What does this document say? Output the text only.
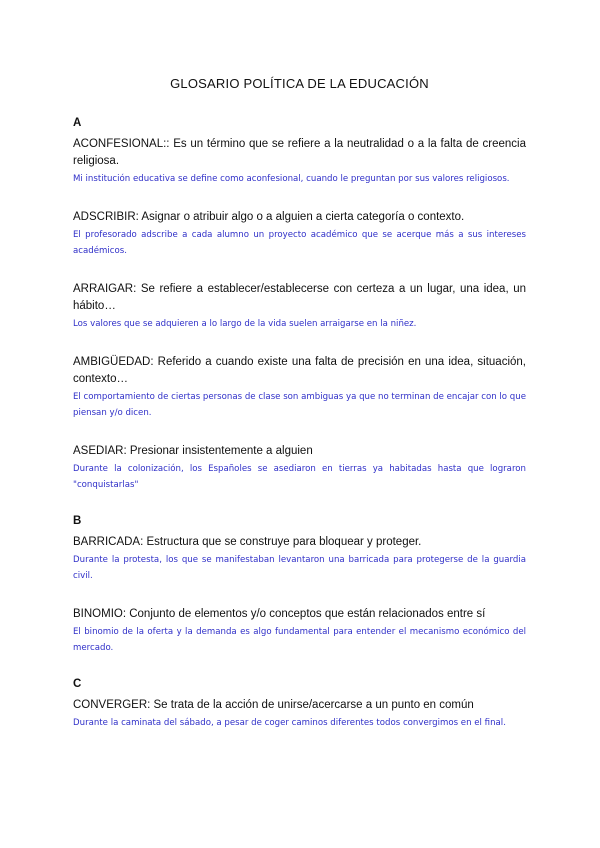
GLOSARIO POLÍTICA DE LA EDUCACIÓN
A

ACONFESIONAL:: Es un término que se refiere a la neutralidad o a la falta de creencia religiosa.

Mi institución educativa se define como aconfesional, cuando le preguntan por sus valores religiosos.

ADSCRIBIR: Asignar o atribuir algo o a alguien a cierta categoría o contexto.

El profesorado adscribe a cada alumno un proyecto académico que se acerque más a sus intereses académicos.

ARRAIGAR: Se refiere a establecer/establecerse con certeza a un lugar, una idea, un hábito…

Los valores que se adquieren a lo largo de la vida suelen arraigarse en la niñez.

AMBIGÜEDAD: Referido a cuando existe una falta de precisión en una idea, situación, contexto…

El comportamiento de ciertas personas de clase son ambiguas ya que no terminan de encajar con lo que piensan y/o dicen.

ASEDIAR: Presionar insistentemente a alguien

Durante la colonización, los Españoles se asediaron en tierras ya habitadas hasta que lograron "conquistarlas"

B

BARRICADA: Estructura que se construye para bloquear y proteger.

Durante la protesta, los que se manifestaban levantaron una barricada para protegerse de la guardia civil.

BINOMIO: Conjunto de elementos y/o conceptos que están relacionados entre sí

El binomio de la oferta y la demanda es algo fundamental para entender el mecanismo económico del mercado.

C

CONVERGER: Se trata de la acción de unirse/acercarse a un punto en común

Durante la caminata del sábado, a pesar de coger caminos diferentes todos convergimos en el final.
